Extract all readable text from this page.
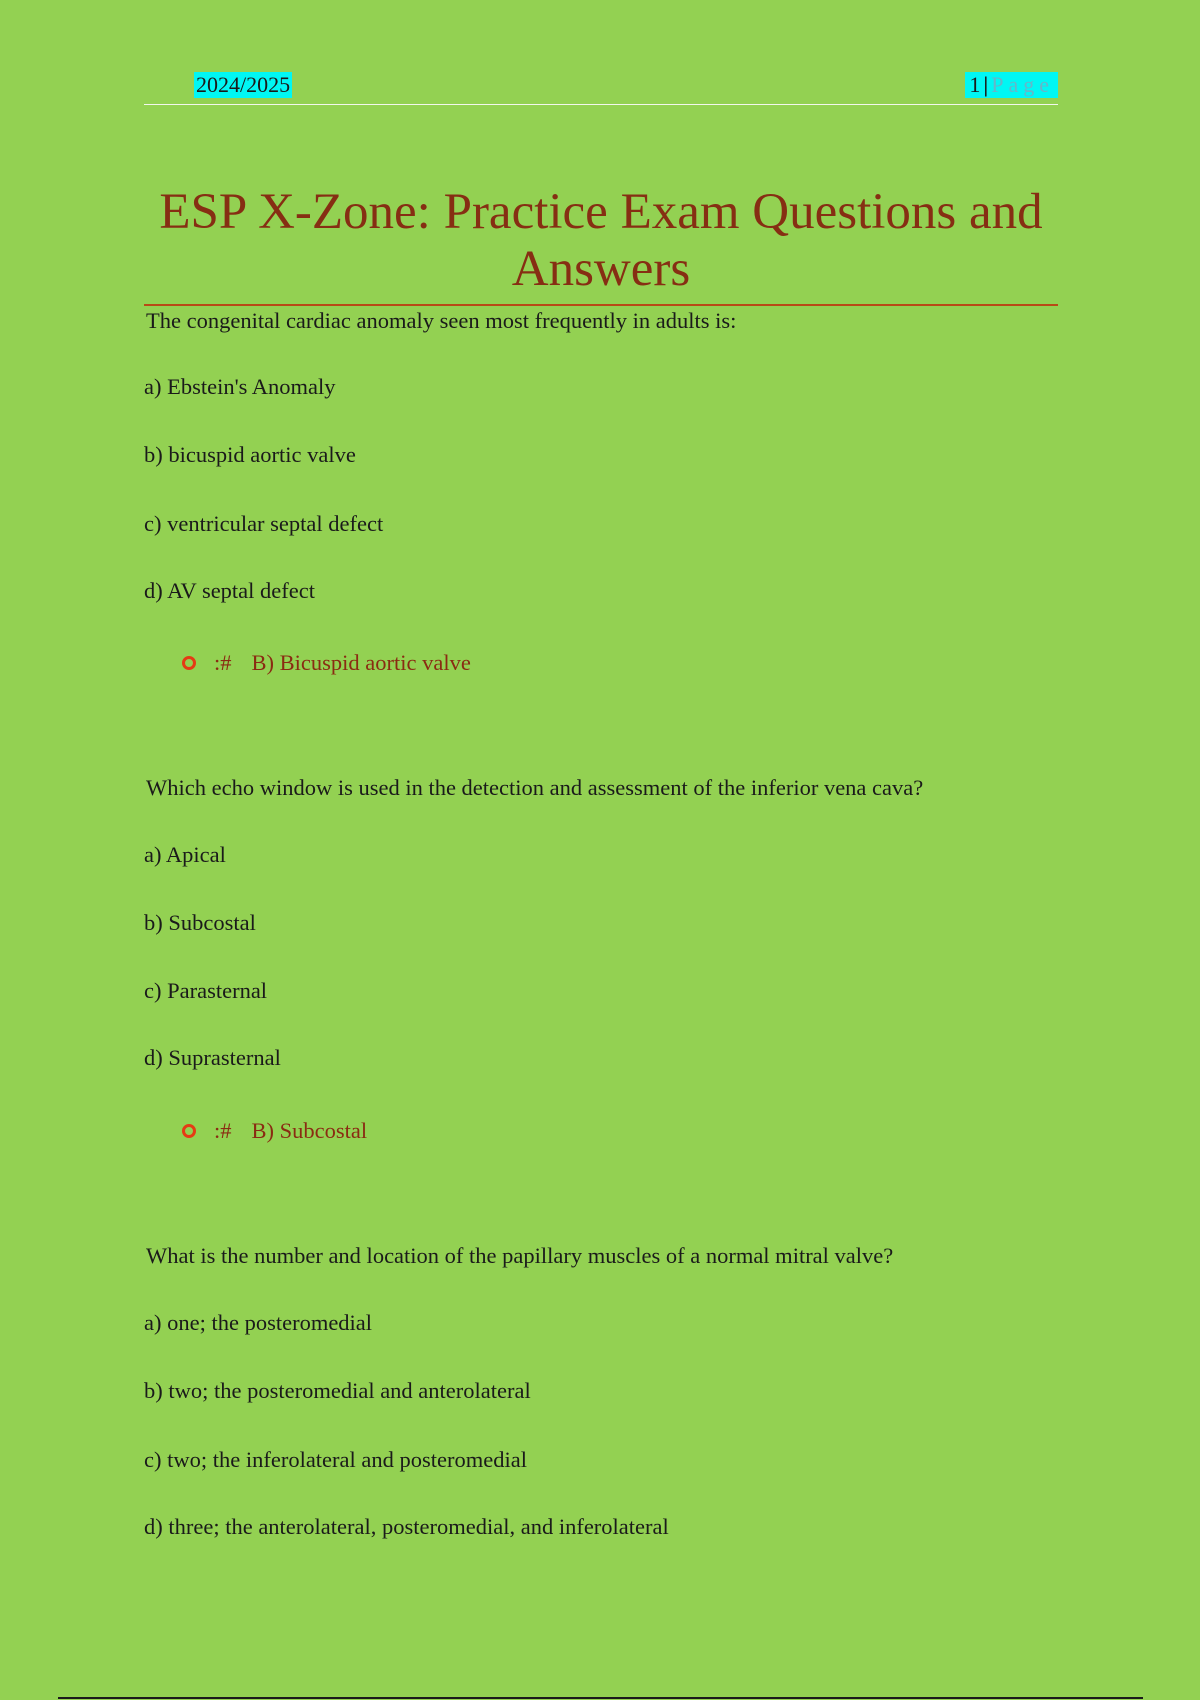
2024/2025	1 | Page
ESP X-Zone: Practice Exam Questions and Answers
The congenital cardiac anomaly seen most frequently in adults is:
a) Ebstein's Anomaly
b) bicuspid aortic valve
c) ventricular septal defect
d) AV septal defect
:# B) Bicuspid aortic valve
Which echo window is used in the detection and assessment of the inferior vena cava?
a) Apical
b) Subcostal
c) Parasternal
d) Suprasternal
:# B) Subcostal
What is the number and location of the papillary muscles of a normal mitral valve?
a) one; the posteromedial
b) two; the posteromedial and anterolateral
c) two; the inferolateral and posteromedial
d) three; the anterolateral, posteromedial, and inferolateral
